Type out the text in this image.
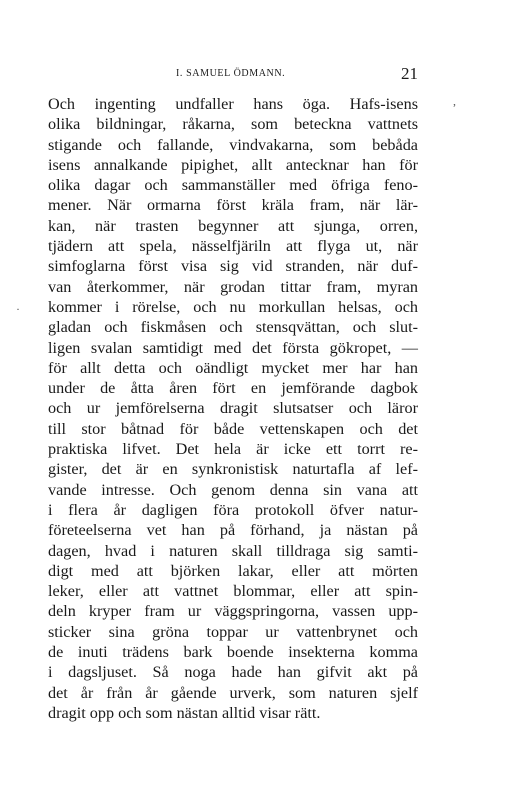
I. SAMUEL ÖDMANN.	21
,
·
Och ingenting undfaller hans öga. Hafs-isens
olika bildningar, råkarna, som beteckna vattnets
stigande och fallande, vindvakarna, som bebåda
isens annalkande pipighet, allt antecknar han för
olika dagar och sammanställer med öfriga feno-
mener. När ormarna först kräla fram, när lär-
kan, när trasten begynner att sjunga, orren,
tjädern att spela, nässelfjäriln att flyga ut, när
simfoglarna först visa sig vid stranden, när duf-
van återkommer, när grodan tittar fram, myran
kommer i rörelse, och nu morkullan helsas, och
gladan och fiskmåsen och stensqvättan, och slut-
ligen svalan samtidigt med det första gökropet, —
för allt detta och oändligt mycket mer har han
under de åtta åren fört en jemförande dagbok
och ur jemförelserna dragit slutsatser och läror
till stor båtnad för både vettenskapen och det
praktiska lifvet. Det hela är icke ett torrt re-
gister, det är en synkronistisk naturtafla af lef-
vande intresse. Och genom denna sin vana att
i flera år dagligen föra protokoll öfver natur-
företeelserna vet han på förhand, ja nästan på
dagen, hvad i naturen skall tilldraga sig samti-
digt med att björken lakar, eller att mörten
leker, eller att vattnet blommar, eller att spin-
deln kryper fram ur väggspringorna, vassen upp-
sticker sina gröna toppar ur vattenbrynet och
de inuti trädens bark boende insekterna komma
i dagsljuset. Så noga hade han gifvit akt på
det år från år gående urverk, som naturen sjelf
dragit opp och som nästan alltid visar rätt.
